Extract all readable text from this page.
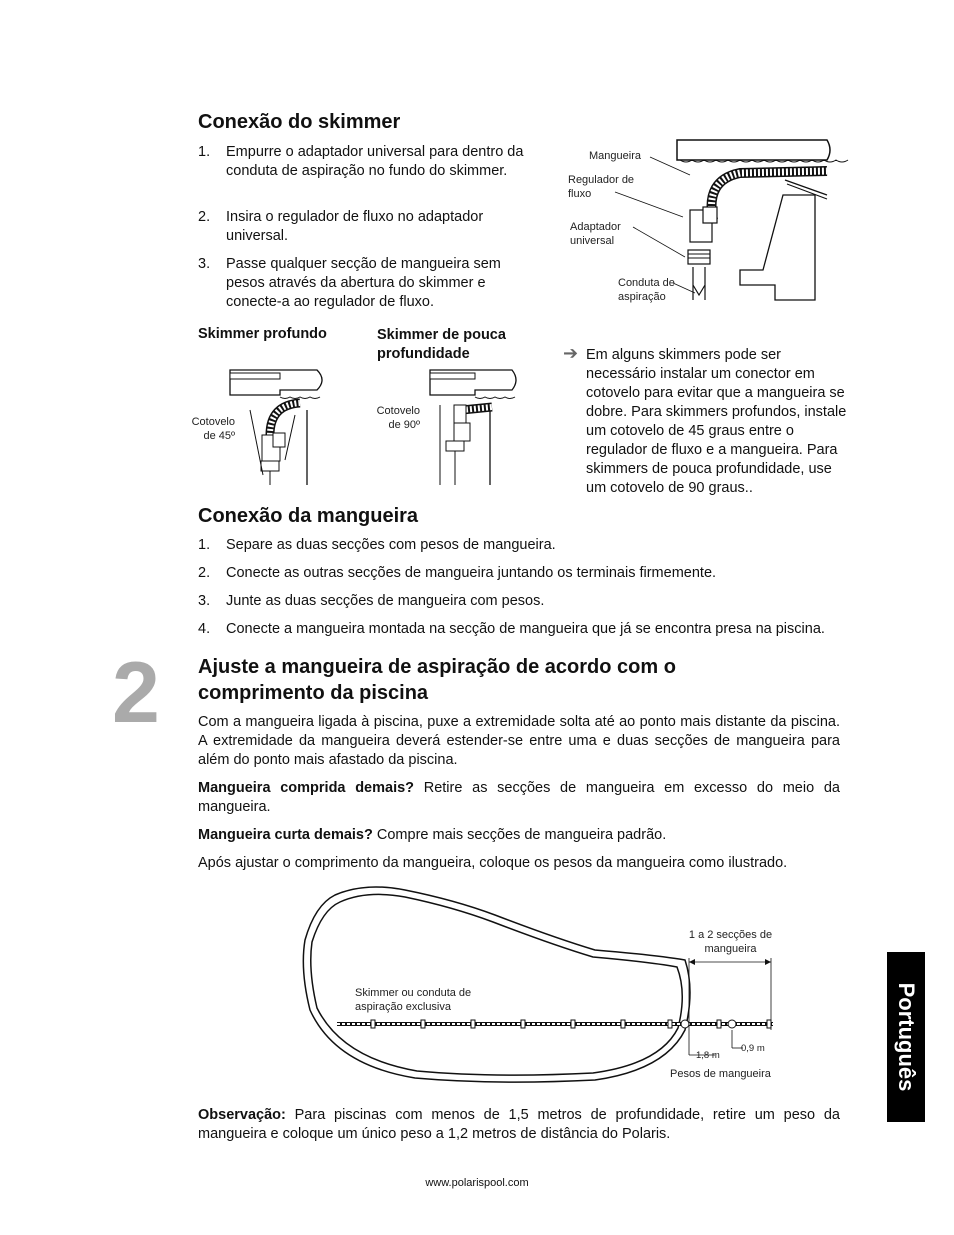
Conexão do skimmer
1. Empurre o adaptador universal para dentro da conduta de aspiração no fundo do skimmer.
2. Insira o regulador de fluxo no adaptador universal.
3. Passe qualquer secção de mangueira sem pesos através da abertura do skimmer e conecte-a ao regulador de fluxo.
Mangueira
Regulador de fluxo
Adaptador universal
Conduta de aspiração
Skimmer profundo	Skimmer de pouca profundidade
Cotovelo de 45º
Cotovelo de 90º
➔ Em alguns skimmers pode ser necessário instalar um conector em cotovelo para evitar que a mangueira se dobre. Para skimmers profundos, instale um cotovelo de 45 graus entre o regulador de fluxo e a mangueira. Para skimmers de pouca profundidade, use um cotovelo de 90 graus..
Conexão da mangueira
1. Separe as duas secções com pesos de mangueira.
2. Conecte as outras secções de mangueira juntando os terminais firmemente.
3. Junte as duas secções de mangueira com pesos.
4. Conecte a mangueira montada na secção de mangueira que já se encontra presa na piscina.
2 Ajuste a mangueira de aspiração de acordo com o comprimento da piscina
Com a mangueira ligada à piscina, puxe a extremidade solta até ao ponto mais distante da piscina. A extremidade da mangueira deverá estender-se entre uma e duas secções de mangueira para além do ponto mais afastado da piscina.
Mangueira comprida demais? Retire as secções de mangueira em excesso do meio da mangueira.
Mangueira curta demais? Compre mais secções de mangueira padrão.
Após ajustar o comprimento da mangueira, coloque os pesos da mangueira como ilustrado.
1 a 2 secções de mangueira
Skimmer ou conduta de aspiração exclusiva
1,8 m
0,9 m
Pesos de mangueira
Observação: Para piscinas com menos de 1,5 metros de profundidade, retire um peso da mangueira e coloque um único peso a 1,2 metros de distância do Polaris.
www.polarispool.com
Português
